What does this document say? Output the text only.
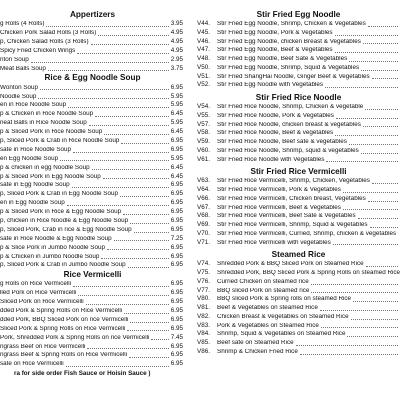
Appertizers
g Rolls (4 Rolls)	3.95
Chicken Pork Salad Rolls (3 Rolls)	4.95
p, Chicken Salad Rolls (3 Rolls)	4.95
Spicy Fried Chicken Wings	4.95
nton Soup	2.95
Meat Balls Soup	3.75
Rice & Egg Noodle Soup
Wonton Soup	6.95
Noodle Soup	5.95
en in Rice Noodle Soup	5.95
p & Chicken in Rice Noodle Soup	6.45
neat Balls in Rice Noodle Soup	5.95
p & Sliced Pork in Rice Noodle Soup	6.45
p, Sliced Pork & Crab in Rice Noodle Soup	6.95
sate in Rice Noodle Soup	6.95
en Egg Noodle Soup	5.95
p & chicken in egg Noodle Soup	6.45
p & Sliced Pork in Egg Noodle Soup	6.45
sate in Egg Noodle Soup	6.95
p, Sliced Pork & Crab in Egg Noodle Soup	6.95
en in Egg Noodle Soup	6.95
p & Sliced Pork in Rice & Egg Noodle Soup	6.95
p, chicken in Rice Noodle & Egg Noodle Soup	6.95
p, Sliced Pork, Crab in rice & Egg Noodle Soup	6.95
sate in Rice Noodle & Egg Noodle Soup	7.25
p & Slice Pork in Jumbo Noodle Soup	6.95
p & Chicken in Jumbo Noodle Soup	6.95
p, Sliced Pork & Crab in Jumbo Noodle Soup	6.95
Rice Vermicelli
g Rolls on Rice Vermicelli	6.95
lled Pork on Rice Vermicelli	6.95
Sliced Pork on Rice Vermicelli	6.95
dded Pork & Spring Rolls on Rice Vermicelli	6.95
dded Pork, BBQ Sliced Pork on rice Vermicelli	6.95
Sliced Pork & Spring Rolls on Rice Vermicelli	6.95
Pork, Shredded Pork & Spring Rolls on rice Vermicelli	7.45
ngrass Beef on Rice Vermicelli	6.95
ngrass Beef & Spring Rolls on Rice Vermicelli	6.95
sate on Rice Vermicelli	6.95
ra for side order Fish Sauce or Hoisin Sauce )
Stir Fried Egg Noodle
V44.	Stir Fried Egg Noodle, Shrimp, Chicken & Vegetables
V45.	Stir Fried Egg Noodle, Pork & Vegetables
V46.	Stir Fried Egg Noodle, chicken Breast & Vegetables
V47.	Stir Fried Egg Noodle, Beef & Vegetables
V48.	Stir Fried Egg Noodle, Beef Sate & Vegetables
V50.	Stir Fried Egg Noodle, Shrimp, Squid & Vegetables
V51.	Stir Fried ShangHai Noodle, Ginger Beef & Vegetables
V52.	Stir Fried Egg Noodle with Vegetables
Stir Fried Rice Noodle
V54.	Stir Fried Rice Noodle, Shrimp, Chicken & vegetable
V55.	Stir Fried Rice Noodle, Pork & Vegetables
V57.	Stir Fried Rice Noodle, chicken breast & vegetables
V58.	Stir Fried Rice Noodle, Beef & vegetables
V59.	Stir Fried Rice Noodle, Beef sate & vegetables
V60.	Stir Fried Rice Noodle, Shrimp, squid & vegetables
V61.	Stir Fried Rice Noodle with Vegetables
Stir Fried Rice Vermicelli
V63.	Stir Fried Rice Vermicelli, Shrimp, Chicken, Vegetables
V64.	Stir Fried Rice Vermicelli, Pork & Vegetables
V66.	Stir Fried Rice Vermicelli, Chicken breast, Vegetables
V67.	Stir Fried Rice Vermicelli, Beef & Vegetables
V68.	Stir Fried Rice Vermicelli, Beef Sate & Vegetables
V69.	Stir Fried Rice Vermicelli, Shrimp, Squid & Vegetables
V70.	Stir Fried Rice Vermicelli, Curried, Shrimp, chicken & vegetables
V71.	Stir Fried Rice Vermicelli with vegetables
Steamed Rice
V74.	Shredded Pork & BBQ Sliced Pork on Steamed Rice
V75.	Shredded Pork, BBQ Sliced Pork & Spring Rolls on steamed Rice
V76.	Curried Chicken on steamed rice
V77.	BBQ sliced Pork on steamed rice
V80.	BBQ sliced Pork & Spring rolls on steamed Rice
V81.	Beef & Vegetables on steamed Rice
V82.	Chicken Breast & Vegetables on Steamed Rice
V83.	Pork & Vegetables on Steamed Rice
V84.	Shrimp, Squid & Vegetables on Steamed Rice
V85.	Beef sate on Steamed Rice
V86.	Shrimp & Chicken Fried Rice
